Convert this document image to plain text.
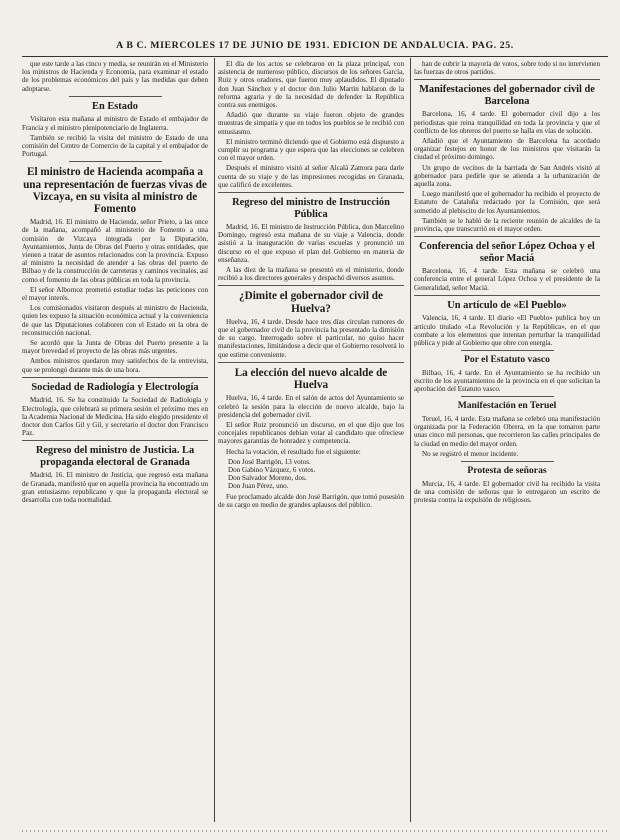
A B C. MIERCOLES 17 DE JUNIO DE 1931. EDICION DE ANDALUCIA. PAG. 25.

que este tarde a las cinco y media, se reunirán en el Ministerio los ministros de Hacienda y Economía, para examinar el estado de los problemas económicos del país y las medidas que deben adoptarse.

En Estado

Visitaron esta mañana al ministro de Estado el embajador de Francia y el ministro plenipotenciario de Inglaterra.

También se recibió la visita del ministro de Estado de una comisión del Centro de Comercio de la capital y el embajador de Portugal.

El ministro de Hacienda acompaña a una representación de fuerzas vivas de Vizcaya, en su visita al ministro de Fomento

Madrid, 16. El ministro de Hacienda, señor Prieto, a las once de la mañana, acompañó al ministerio de Fomento a una comisión de Vizcaya integrada por la Diputación, Ayuntamientos, Junta de Obras del Puerto y otras entidades, que vienen a tratar de asuntos relacionados con la provincia. Expuso al ministro la necesidad de atender a las obras del puerto de Bilbao y de la construcción de carreteras y caminos vecinales, así como el fomento de las obras públicas en toda la provincia.

El señor Albornoz prometió estudiar todas las peticiones con el mayor interés.

Los comisionados visitaron después al ministro de Hacienda, quien les expuso la situación económica actual y la conveniencia de que las Diputaciones colaboren con el Estado en la obra de reconstrucción nacional.

Se acordó que la Junta de Obras del Puerto presente a la mayor brevedad el proyecto de las obras más urgentes.

Ambos ministros quedaron muy satisfechos de la entrevista, que se prolongó durante más de una hora.

Sociedad de Radiología y Electrología

Madrid, 16. Se ha constituido la Sociedad de Radiología y Electrología, que celebrará su primera sesión el próximo mes en la Academia Nacional de Medicina. Ha sido elegido presidente el doctor don Carlos Gil y Gil, y secretario el doctor don Francisco Paz.

Regreso del ministro de Justicia. La propaganda electoral de Granada

Madrid, 16. El ministro de Justicia, que regresó esta mañana de Granada, manifestó que en aquella provincia ha encontrado un gran entusiasmo republicano y que la propaganda electoral se desarrolla con toda normalidad.

El día de los actos se celebraron en la plaza principal, con asistencia de numeroso público, discursos de los señores García, Ruiz y otros oradores, que fueron muy aplaudidos. El diputado don Juan Sánchez y el doctor don Julio Martín hablaron de la reforma agraria y de la necesidad de defender la República contra sus enemigos.

Añadió que durante su viaje fueron objeto de grandes muestras de simpatía y que en todos los pueblos se le recibió con entusiasmo.

El ministro terminó diciendo que el Gobierno está dispuesto a cumplir su programa y que espera que las elecciones se celebren con el mayor orden.

Después el ministro visitó al señor Alcalá Zamora para darle cuenta de su viaje y de las impresiones recogidas en Granada, que calificó de excelentes.

Regreso del ministro de Instrucción Pública

Madrid, 16. El ministro de Instrucción Pública, don Marcelino Domingo, regresó esta mañana de su viaje a Valencia, donde asistió a la inauguración de varias escuelas y pronunció un discurso en el que expuso el plan del Gobierno en materia de enseñanza.

A las diez de la mañana se presentó en el ministerio, donde recibió a los directores generales y despachó diversos asuntos.

¿Dimite el gobernador civil de Huelva?

Huelva, 16, 4 tarde. Desde hace tres días circulan rumores de que el gobernador civil de la provincia ha presentado la dimisión de su cargo. Interrogado sobre el particular, no quiso hacer manifestaciones, limitándose a decir que el Gobierno resolverá lo que estime conveniente.

La elección del nuevo alcalde de Huelva

Huelva, 16, 4 tarde. En el salón de actos del Ayuntamiento se celebró la sesión para la elección de nuevo alcalde, bajo la presidencia del gobernador civil.

El señor Ruiz pronunció un discurso, en el que dijo que los concejales republicanos debían votar al candidato que ofreciese mayores garantías de honradez y competencia.

Hecha la votación, el resultado fue el siguiente:

Don José Barrigón, 13 votos.
Don Gabino Vázquez, 6 votos.
Don Salvador Moreno, dos.
Don Juan Pérez, uno.

Fue proclamado alcalde don José Barrigón, que tomó posesión de su cargo en medio de grandes aplausos del público.

han de cubrir la mayoría de votos, sobre todo si no intervienen las fuerzas de otros partidos.

Manifestaciones del gobernador civil de Barcelona

Barcelona, 16, 4 tarde. El gobernador civil dijo a los periodistas que reina tranquilidad en toda la provincia y que el conflicto de los obreros del puerto se halla en vías de solución.

Añadió que el Ayuntamiento de Barcelona ha acordado organizar festejos en honor de los ministros que visitarán la ciudad el próximo domingo.

Un grupo de vecinos de la barriada de San Andrés visitó al gobernador para pedirle que se atienda a la urbanización de aquella zona.

Luego manifestó que el gobernador ha recibido el proyecto de Estatuto de Cataluña redactado por la Comisión, que será sometido al plebiscito de los Ayuntamientos.

También se le habló de la reciente reunión de alcaldes de la provincia, que transcurrió en el mayor orden.

Conferencia del señor López Ochoa y el señor Maciá

Barcelona, 16, 4 tarde. Esta mañana se celebró una conferencia entre el general López Ochoa y el presidente de la Generalidad, señor Maciá.

Un artículo de «El Pueblo»

Valencia, 16, 4 tarde. El diario «El Pueblo» publica hoy un artículo titulado «La Revolución y la República», en el que combate a los elementos que intentan perturbar la tranquilidad pública y pide al Gobierno que obre con energía.

Por el Estatuto vasco

Bilbao, 16, 4 tarde. En el Ayuntamiento se ha recibido un escrito de los ayuntamientos de la provincia en el que solicitan la aprobación del Estatuto vasco.

Manifestación en Teruel

Teruel, 16, 4 tarde. Esta mañana se celebró una manifestación organizada por la Federación Obrera, en la que tomaron parte unas cinco mil personas, que recorrieron las calles principales de la ciudad en medio del mayor orden.

No se registró el menor incidente.

Protesta de señoras

Murcia, 16, 4 tarde. El gobernador civil ha recibido la visita de una comisión de señoras que le entregaron un escrito de protesta contra la expulsión de religiosos.
